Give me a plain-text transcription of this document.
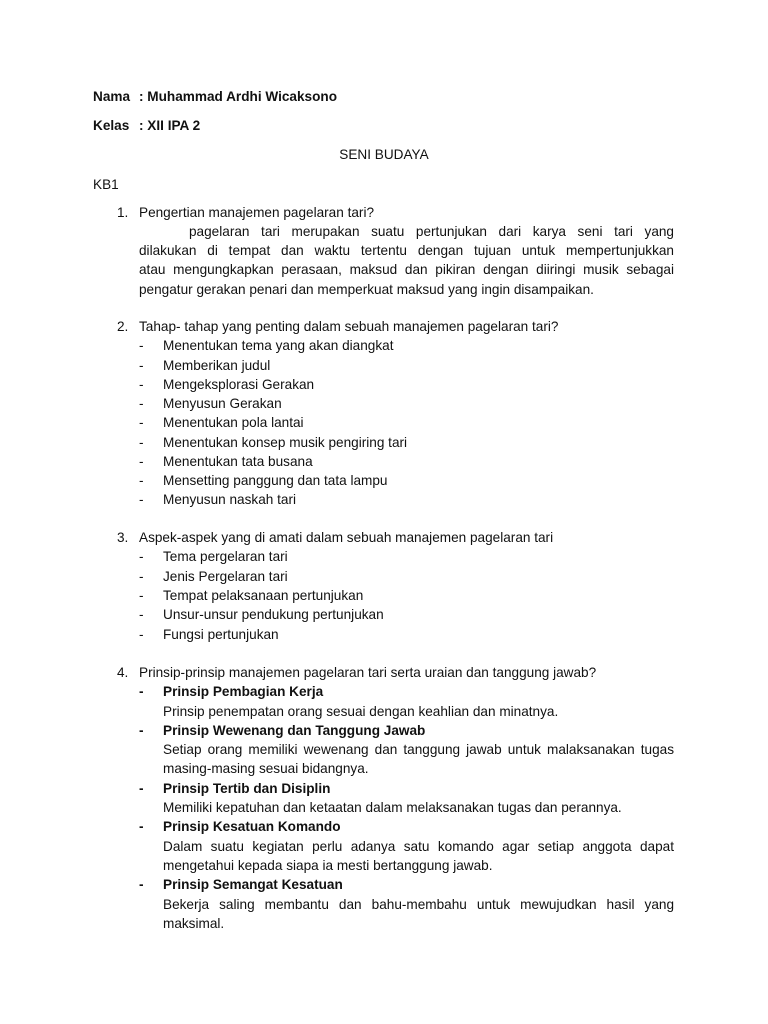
Nama : Muhammad Ardhi Wicaksono
Kelas : XII IPA 2
SENI BUDAYA
KB1
1. Pengertian manajemen pagelaran tari?
pagelaran tari merupakan suatu pertunjukan dari karya seni tari yang
dilakukan di tempat dan waktu tertentu dengan tujuan untuk mempertunjukkan
atau mengungkapkan perasaan, maksud dan pikiran dengan diiringi musik sebagai
pengatur gerakan penari dan memperkuat maksud yang ingin disampaikan.
2. Tahap- tahap yang penting dalam sebuah manajemen pagelaran tari?
- Menentukan tema yang akan diangkat
- Memberikan judul
- Mengeksplorasi Gerakan
- Menyusun Gerakan
- Menentukan pola lantai
- Menentukan konsep musik pengiring tari
- Menentukan tata busana
- Mensetting panggung dan tata lampu
- Menyusun naskah tari
3. Aspek-aspek yang di amati dalam sebuah manajemen pagelaran tari
- Tema pergelaran tari
- Jenis Pergelaran tari
- Tempat pelaksanaan pertunjukan
- Unsur-unsur pendukung pertunjukan
- Fungsi pertunjukan
4. Prinsip-prinsip manajemen pagelaran tari serta uraian dan tanggung jawab?
- Prinsip Pembagian Kerja
Prinsip penempatan orang sesuai dengan keahlian dan minatnya.
- Prinsip Wewenang dan Tanggung Jawab
Setiap orang memiliki wewenang dan tanggung jawab untuk malaksanakan tugas
masing-masing sesuai bidangnya.
- Prinsip Tertib dan Disiplin
Memiliki kepatuhan dan ketaatan dalam melaksanakan tugas dan perannya.
- Prinsip Kesatuan Komando
Dalam suatu kegiatan perlu adanya satu komando agar setiap anggota dapat
mengetahui kepada siapa ia mesti bertanggung jawab.
- Prinsip Semangat Kesatuan
Bekerja saling membantu dan bahu-membahu untuk mewujudkan hasil yang
maksimal.
